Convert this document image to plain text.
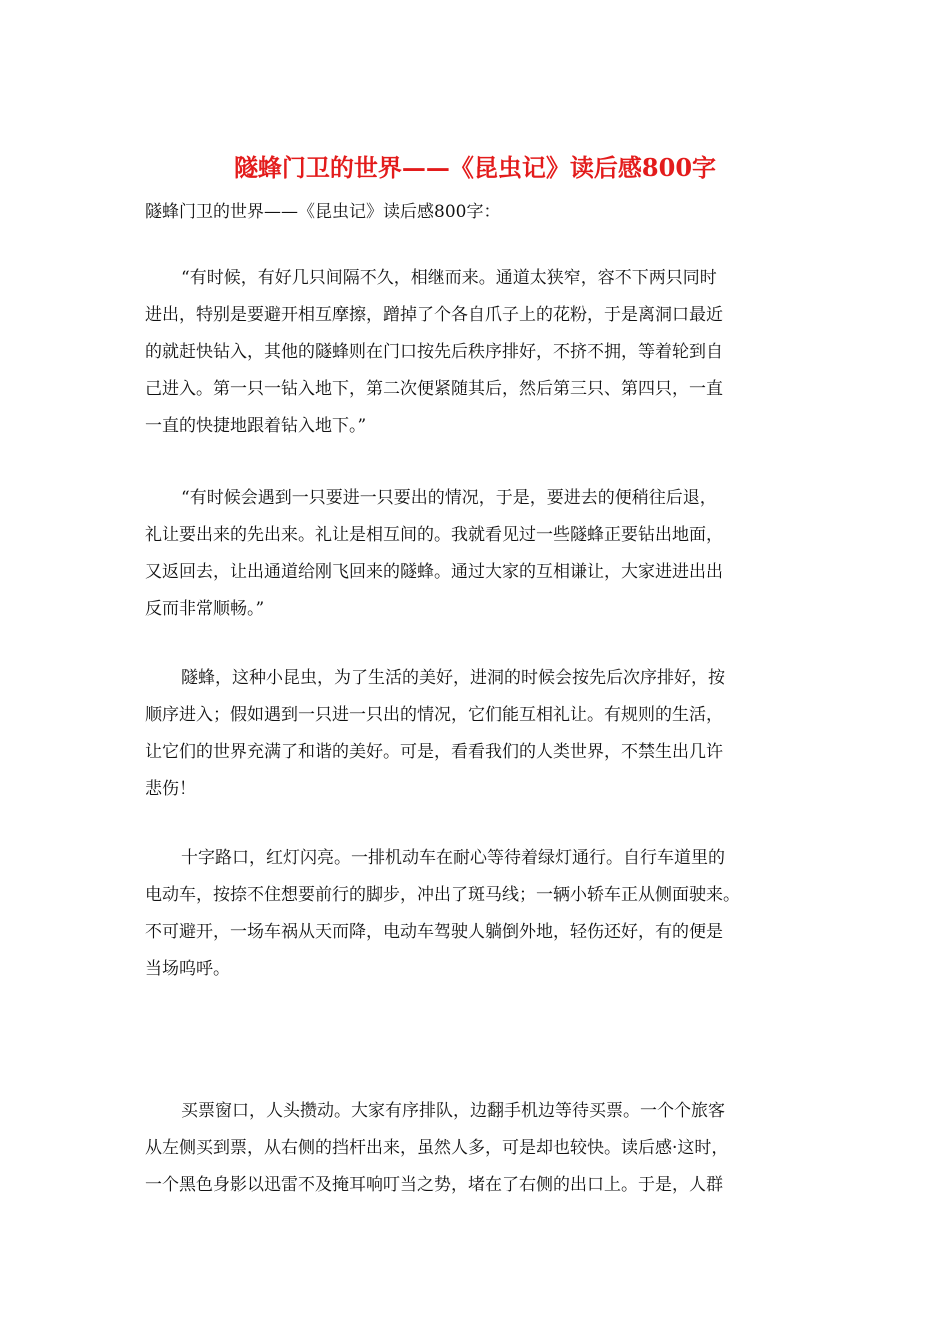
隧蜂门卫的世界——《昆虫记》读后感800字
隧蜂门卫的世界——《昆虫记》读后感800字：
“有时候，有好几只间隔不久，相继而来。通道太狭窄，容不下两只同时
进出，特别是要避开相互摩擦，蹭掉了个各自爪子上的花粉，于是离洞口最近
的就赶快钻入，其他的隧蜂则在门口按先后秩序排好，不挤不拥，等着轮到自
己进入。第一只一钻入地下，第二次便紧随其后，然后第三只、第四只，一直
一直的快捷地跟着钻入地下。”
“有时候会遇到一只要进一只要出的情况，于是，要进去的便稍往后退，
礼让要出来的先出来。礼让是相互间的。我就看见过一些隧蜂正要钻出地面，
又返回去，让出通道给刚飞回来的隧蜂。通过大家的互相谦让，大家进进出出
反而非常顺畅。”
隧蜂，这种小昆虫，为了生活的美好，进洞的时候会按先后次序排好，按
顺序进入；假如遇到一只进一只出的情况，它们能互相礼让。有规则的生活，
让它们的世界充满了和谐的美好。可是，看看我们的人类世界，不禁生出几许
悲伤！
十字路口，红灯闪亮。一排机动车在耐心等待着绿灯通行。自行车道里的
电动车，按捺不住想要前行的脚步，冲出了斑马线；一辆小轿车正从侧面驶来。
不可避开，一场车祸从天而降，电动车驾驶人躺倒外地，轻伤还好，有的便是
当场呜呼。
买票窗口，人头攒动。大家有序排队，边翻手机边等待买票。一个个旅客
从左侧买到票，从右侧的挡杆出来，虽然人多，可是却也较快。读后感·这时，
一个黑色身影以迅雷不及掩耳响叮当之势，堵在了右侧的出口上。于是，人群
